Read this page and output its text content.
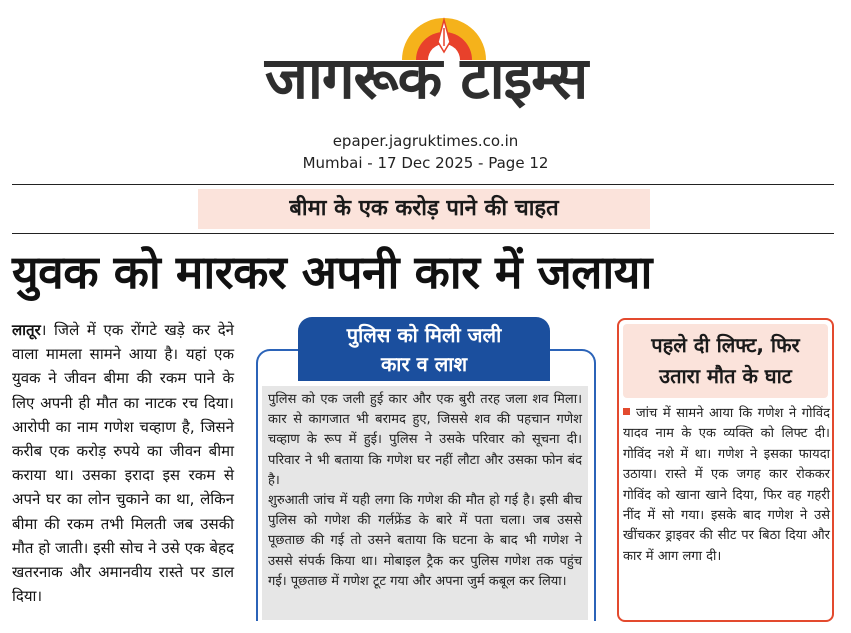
जागरूक टाइम्स
epaper.jagruktimes.co.in
Mumbai - 17 Dec 2025 - Page 12
बीमा के एक करोड़ पाने की चाहत
युवक को मारकर अपनी कार में जलाया
लातूर। जिले में एक रोंगटे खड़े कर देने वाला मामला सामने आया है। यहां एक युवक ने जीवन बीमा की रकम पाने के लिए अपनी ही मौत का नाटक रच दिया। आरोपी का नाम गणेश चव्हाण है, जिसने करीब एक करोड़ रुपये का जीवन बीमा कराया था। उसका इरादा इस रकम से अपने घर का लोन चुकाने का था, लेकिन बीमा की रकम तभी मिलती जब उसकी मौत हो जाती। इसी सोच ने उसे एक बेहद खतरनाक और अमानवीय रास्ते पर डाल दिया।
पुलिस को मिली जली
कार व लाश

पुलिस को एक जली हुई कार और एक बुरी तरह जला शव मिला। कार से कागजात भी बरामद हुए, जिससे शव की पहचान गणेश चव्हाण के रूप में हुई। पुलिस ने उसके परिवार को सूचना दी। परिवार ने भी बताया कि गणेश घर नहीं लौटा और उसका फोन बंद है।

शुरुआती जांच में यही लगा कि गणेश की मौत हो गई है। इसी बीच पुलिस को गणेश की गर्लफ्रेंड के बारे में पता चला। जब उससे पूछताछ की गई तो उसने बताया कि घटना के बाद भी गणेश ने उससे संपर्क किया था। मोबाइल ट्रैक कर पुलिस गणेश तक पहुंच गई। पूछताछ में गणेश टूट गया और अपना जुर्म कबूल कर लिया।

पहले दी लिफ्ट, फिर
उतारा मौत के घाट
जांच में सामने आया कि गणेश ने गोविंद यादव नाम के एक व्यक्ति को लिफ्ट दी। गोविंद नशे में था। गणेश ने इसका फायदा उठाया। रास्ते में एक जगह कार रोककर गोविंद को खाना खाने दिया, फिर वह गहरी नींद में सो गया। इसके बाद गणेश ने उसे खींचकर ड्राइवर की सीट पर बिठा दिया और कार में आग लगा दी।
